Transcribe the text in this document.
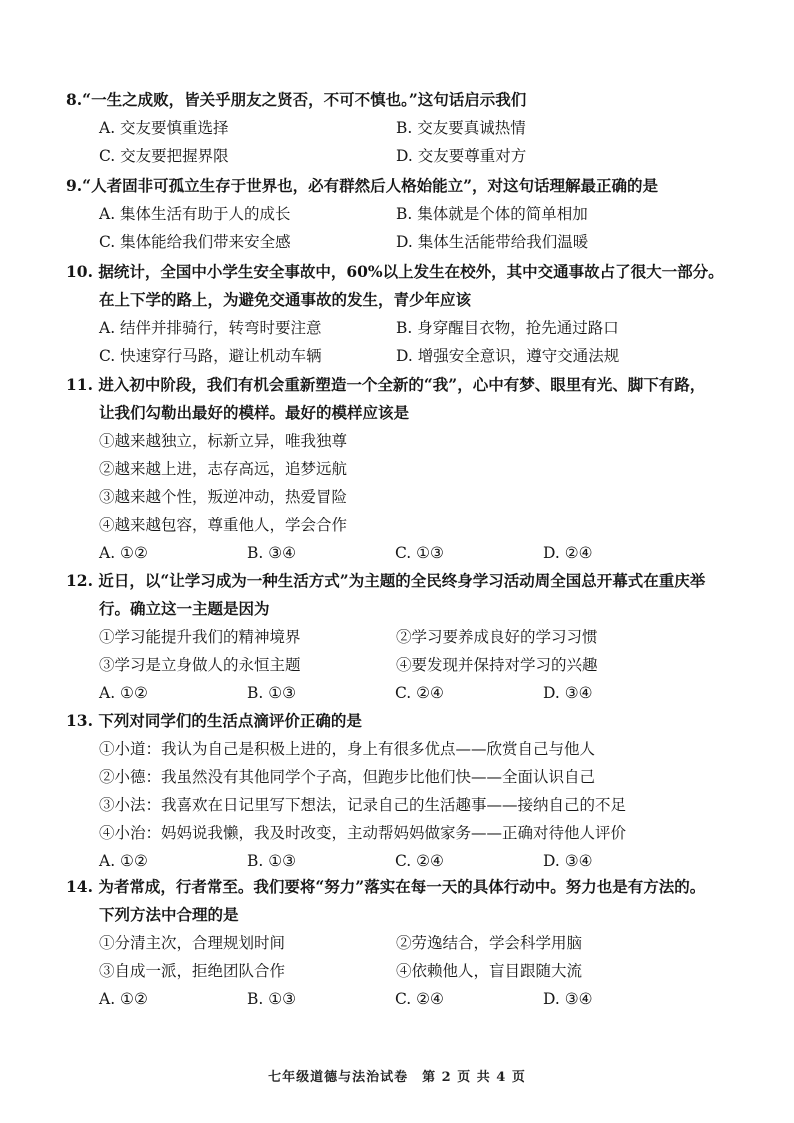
8.“一生之成败，皆关乎朋友之贤否，不可不慎也。”这句话启示我们
A. 交友要慎重选择	B. 交友要真诚热情
C. 交友要把握界限	D. 交友要尊重对方
9.“人者固非可孤立生存于世界也，必有群然后人格始能立”，对这句话理解最正确的是
A. 集体生活有助于人的成长	B. 集体就是个体的简单相加
C. 集体能给我们带来安全感	D. 集体生活能带给我们温暖
10. 据统计，全国中小学生安全事故中，60%以上发生在校外，其中交通事故占了很大一部分。
在上下学的路上，为避免交通事故的发生，青少年应该
A. 结伴并排骑行，转弯时要注意	B. 身穿醒目衣物，抢先通过路口
C. 快速穿行马路，避让机动车辆	D. 增强安全意识，遵守交通法规
11. 进入初中阶段，我们有机会重新塑造一个全新的“我”，心中有梦、眼里有光、脚下有路，
让我们勾勒出最好的模样。最好的模样应该是
①越来越独立，标新立异，唯我独尊
②越来越上进，志存高远，追梦远航
③越来越个性，叛逆冲动，热爱冒险
④越来越包容，尊重他人，学会合作
A. ①②	B. ③④	C. ①③	D. ②④
12. 近日，以“让学习成为一种生活方式”为主题的全民终身学习活动周全国总开幕式在重庆举
行。确立这一主题是因为
①学习能提升我们的精神境界	②学习要养成良好的学习习惯
③学习是立身做人的永恒主题	④要发现并保持对学习的兴趣
A. ①②	B. ①③	C. ②④	D. ③④
13. 下列对同学们的生活点滴评价正确的是
①小道：我认为自己是积极上进的，身上有很多优点——欣赏自己与他人
②小德：我虽然没有其他同学个子高，但跑步比他们快——全面认识自己
③小法：我喜欢在日记里写下想法，记录自己的生活趣事——接纳自己的不足
④小治：妈妈说我懒，我及时改变，主动帮妈妈做家务——正确对待他人评价
A. ①②	B. ①③	C. ②④	D. ③④
14. 为者常成，行者常至。我们要将“努力”落实在每一天的具体行动中。努力也是有方法的。
下列方法中合理的是
①分清主次，合理规划时间	②劳逸结合，学会科学用脑
③自成一派，拒绝团队合作	④依赖他人，盲目跟随大流
A. ①②	B. ①③	C. ②④	D. ③④
七年级道德与法治试卷　第 2 页 共 4 页
